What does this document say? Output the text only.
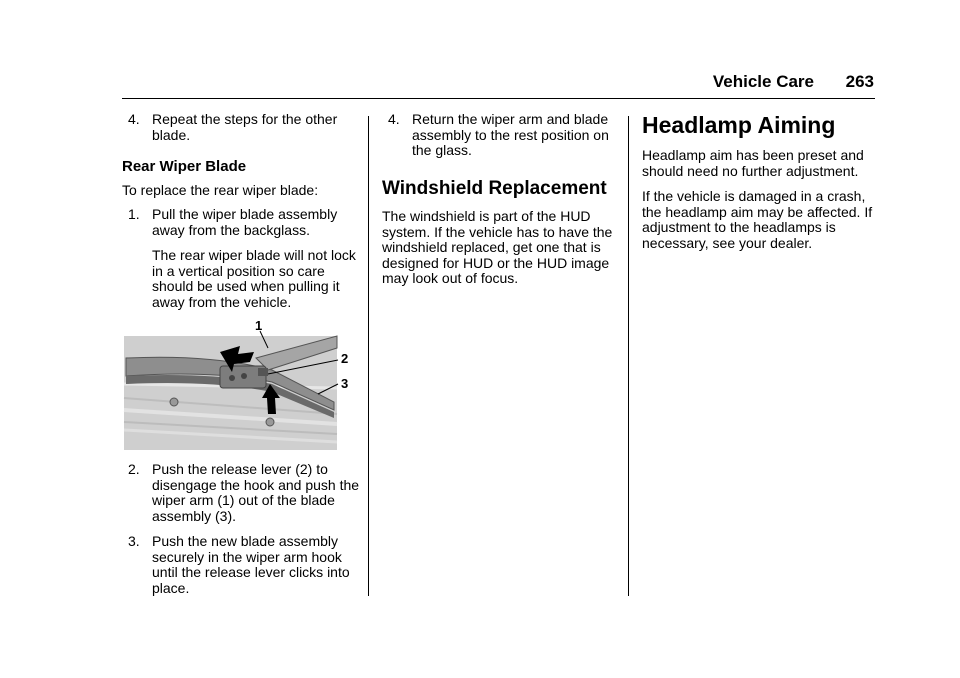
Vehicle Care 263
4. Repeat the steps for the other blade.
Rear Wiper Blade
To replace the rear wiper blade:
1. Pull the wiper blade assembly away from the backglass.
The rear wiper blade will not lock in a vertical position so care should be used when pulling it away from the vehicle.
1
2
3
2. Push the release lever (2) to disengage the hook and push the wiper arm (1) out of the blade assembly (3).
3. Push the new blade assembly securely in the wiper arm hook until the release lever clicks into place.
4. Return the wiper arm and blade assembly to the rest position on the glass.
Windshield Replacement

The windshield is part of the HUD system. If the vehicle has to have the windshield replaced, get one that is designed for HUD or the HUD image may look out of focus.

Headlamp Aiming

Headlamp aim has been preset and should need no further adjustment.

If the vehicle is damaged in a crash, the headlamp aim may be affected. If adjustment to the headlamps is necessary, see your dealer.
